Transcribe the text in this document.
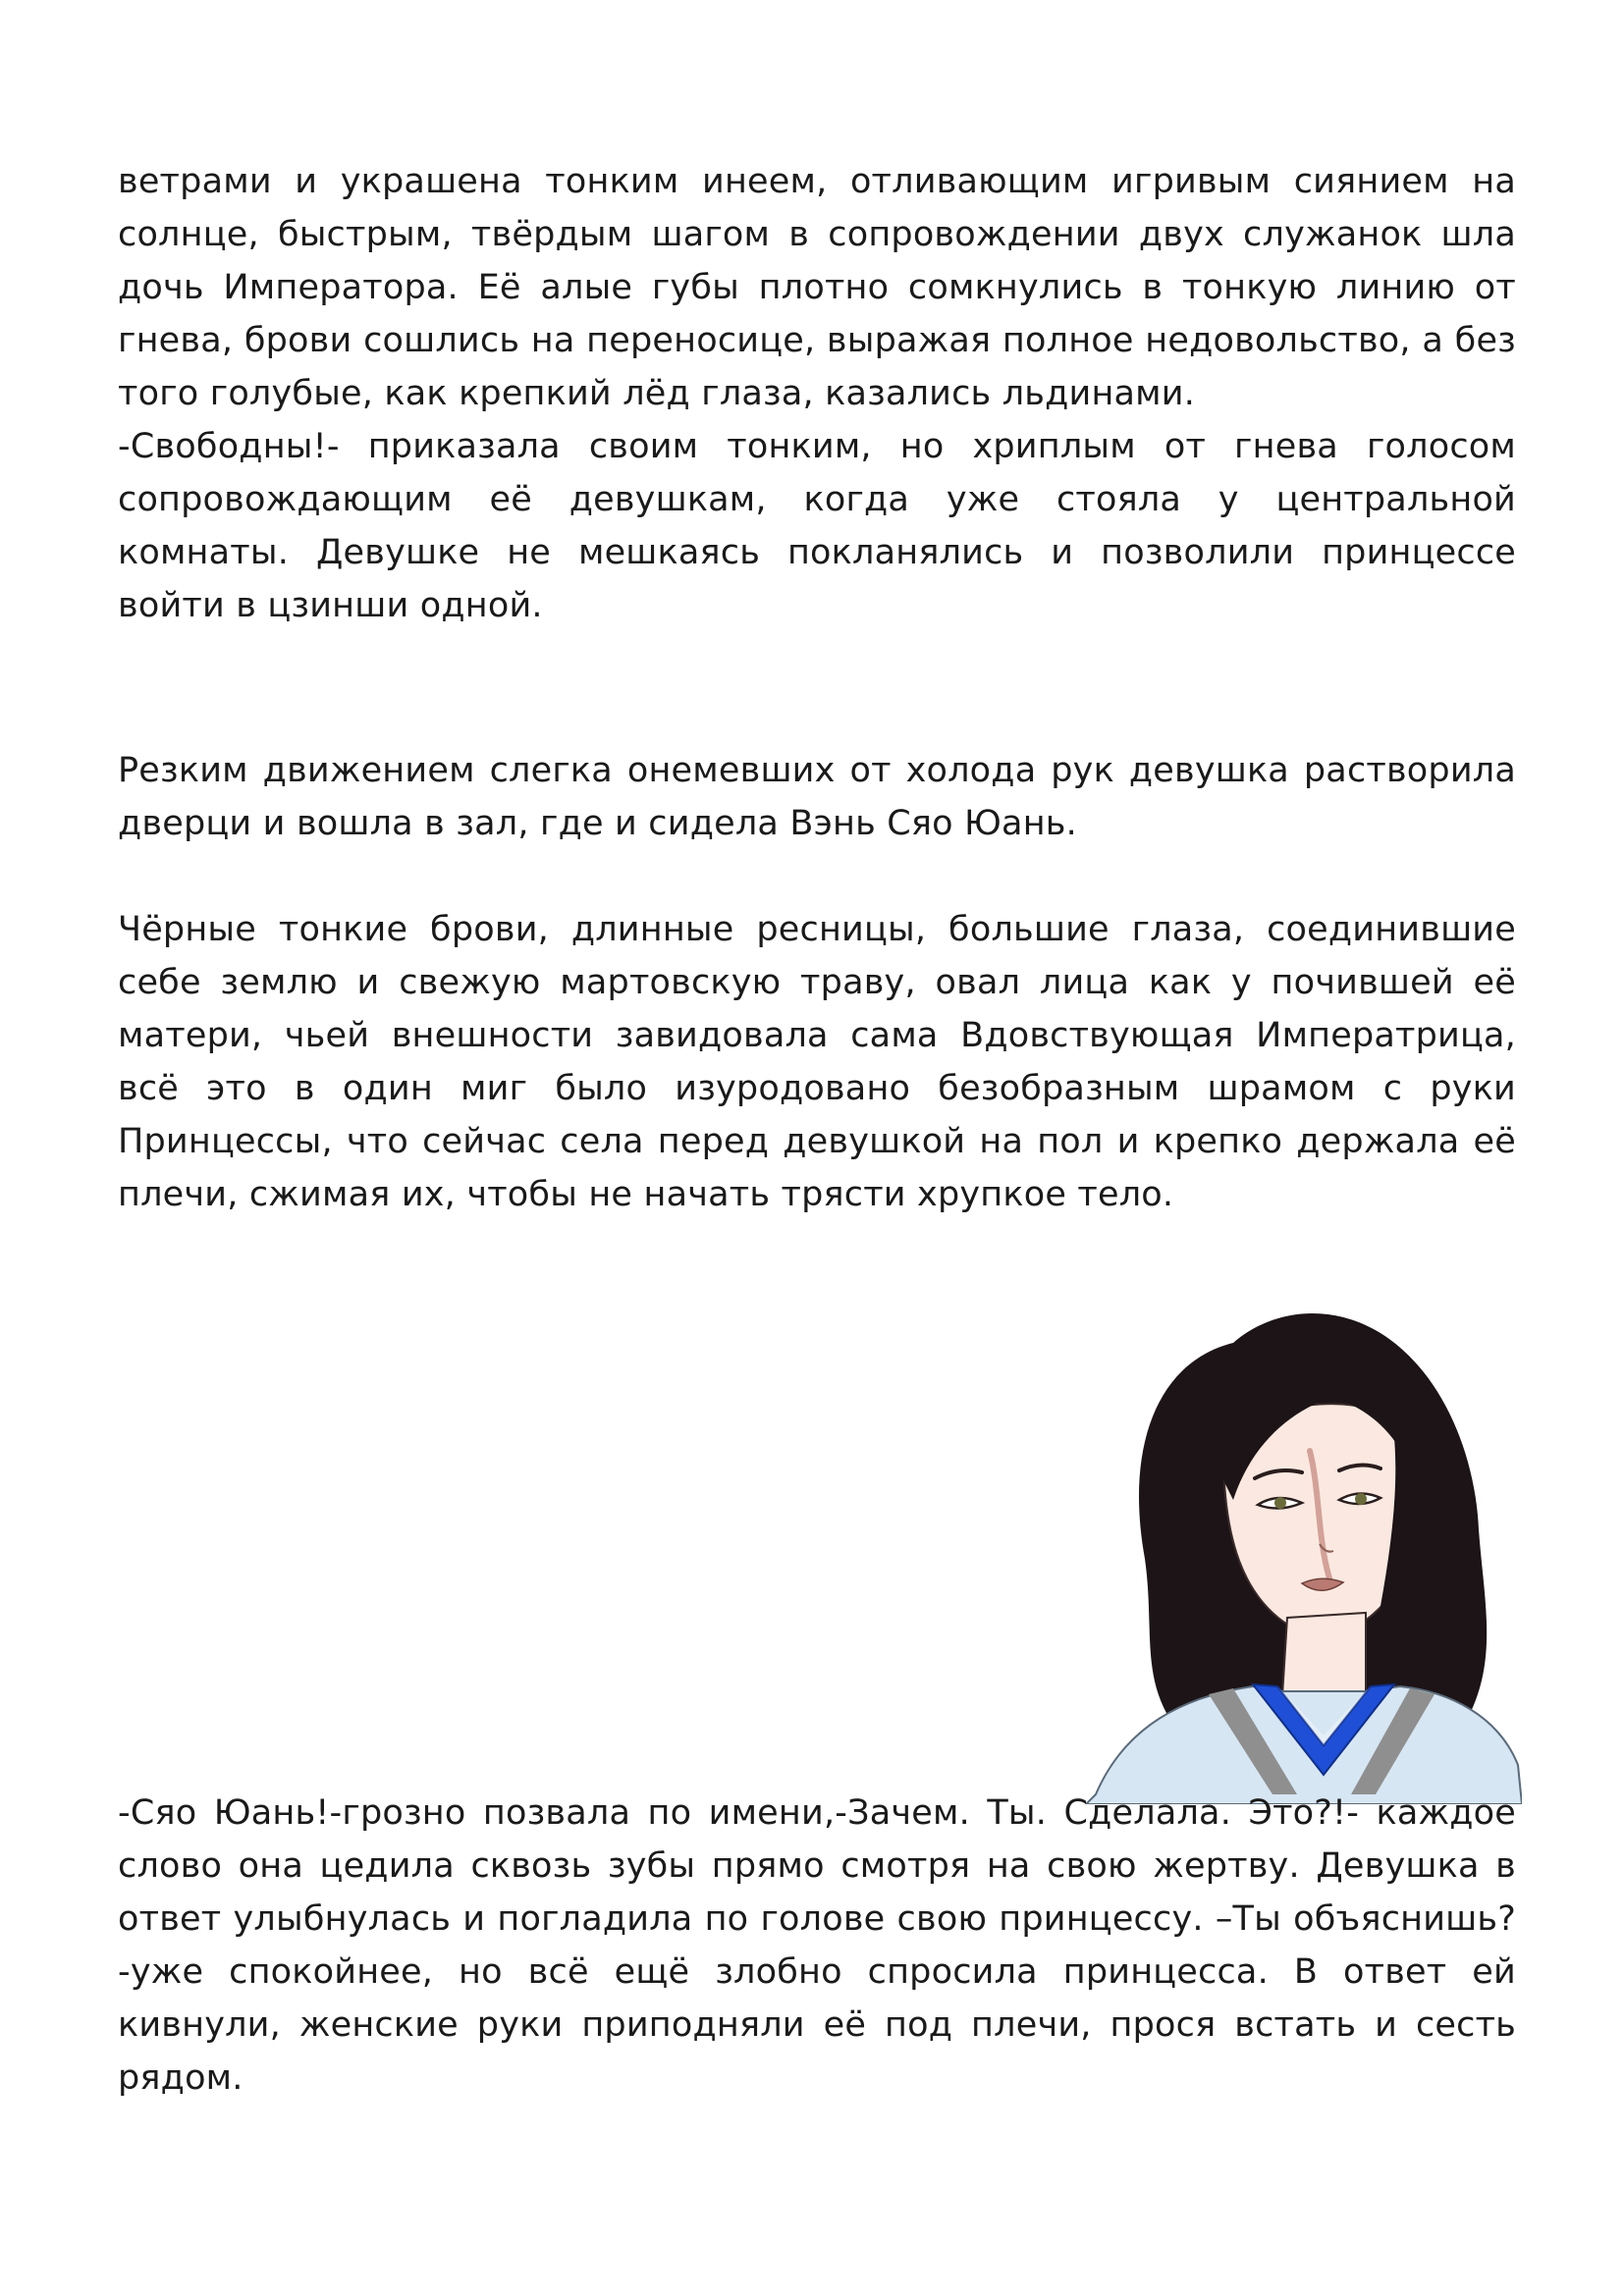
ветрами и украшена тонким инеем, отливающим игривым сиянием на солнце, быстрым, твёрдым шагом в сопровождении двух служанок шла дочь Императора. Её алые губы плотно сомкнулись в тонкую линию от гнева, брови сошлись на переносице, выражая полное недовольство, а без того голубые, как крепкий лёд глаза, казались льдинами.

-Свободны!- приказала своим тонким, но хриплым от гнева голосом сопровождающим её девушкам, когда уже стояла у центральной комнаты. Девушке не мешкаясь покланялись и позволили принцессе войти в цзинши одной.

Резким движением слегка онемевших от холода рук девушка растворила дверци и вошла в зал, где и сидела Вэнь Сяо Юань.

Чёрные тонкие брови, длинные ресницы, большие глаза, соединившие себе землю и свежую мартовскую траву, овал лица как у почившей её матери, чьей внешности завидовала сама Вдовствующая Императрица, всё это в один миг было изуродовано безобразным шрамом с руки Принцессы, что сейчас села перед девушкой на пол и крепко держала её плечи, сжимая их, чтобы не начать трясти хрупкое тело.

-Сяо Юань!-грозно позвала по имени,-Зачем. Ты. Сделала. Это?!- каждое слово она цедила сквозь зубы прямо смотря на свою жертву. Девушка в ответ улыбнулась и погладила по голове свою принцессу. –Ты объяснишь?-уже спокойнее, но всё ещё злобно спросила принцесса. В ответ ей кивнули, женские руки приподняли её под плечи, прося встать и сесть рядом.
